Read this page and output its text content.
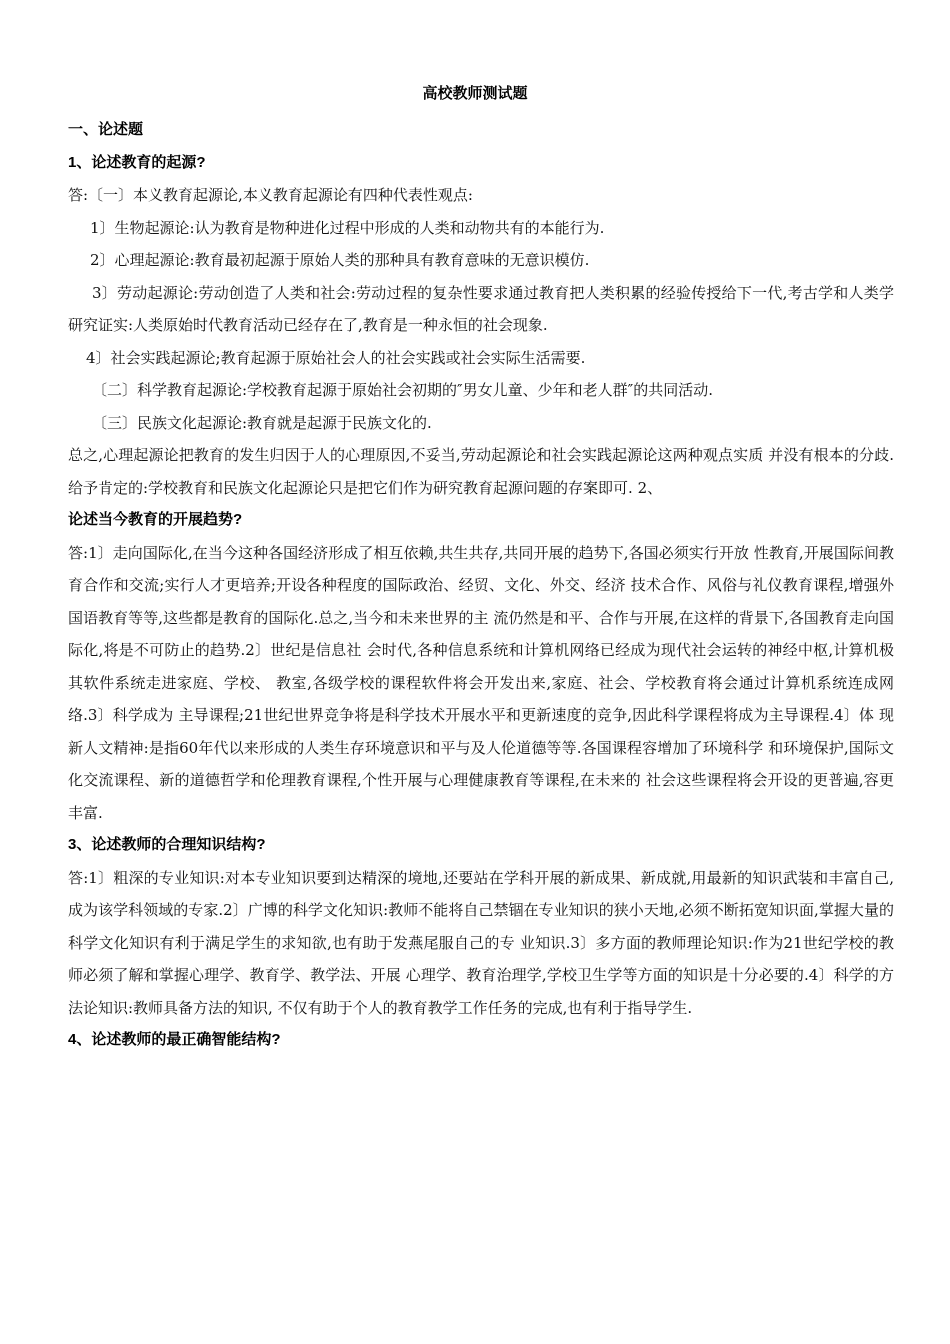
高校教师测试题

一、论述题

1、论述教育的起源?

答:〔一〕本义教育起源论,本义教育起源论有四种代表性观点:

1〕生物起源论:认为教育是物种进化过程中形成的人类和动物共有的本能行为.

2〕心理起源论:教育最初起源于原始人类的那种具有教育意味的无意识模仿.

3〕劳动起源论:劳动创造了人类和社会:劳动过程的复杂性要求通过教育把人类积累的经验传授给下一代,考古学和人类学研究证实:人类原始时代教育活动已经存在了,教育是一种永恒的社会现象.

4〕社会实践起源论;教育起源于原始社会人的社会实践或社会实际生活需要.

〔二〕科学教育起源论:学校教育起源于原始社会初期的″男女儿童、少年和老人群″的共同活动.

〔三〕民族文化起源论:教育就是起源于民族文化的.

总之,心理起源论把教育的发生归因于人的心理原因,不妥当,劳动起源论和社会实践起源论这两种观点实质 并没有根本的分歧.给予肯定的:学校教育和民族文化起源论只是把它们作为研究教育起源问题的存案即可. 2、

论述当今教育的开展趋势?

答:1〕走向国际化,在当今这种各国经济形成了相互依赖,共生共存,共同开展的趋势下,各国必须实行开放 性教育,开展国际间教育合作和交流;实行人才更培养;开设各种程度的国际政治、经贸、文化、外交、经济 技术合作、风俗与礼仪教育课程,增强外国语教育等等,这些都是教育的国际化.总之,当今和未来世界的主 流仍然是和平、合作与开展,在这样的背景下,各国教育走向国际化,将是不可防止的趋势.2〕世纪是信息社 会时代,各种信息系统和计算机网络已经成为现代社会运转的神经中枢,计算机极其软件系统走进家庭、学校、 教室,各级学校的课程软件将会开发出来,家庭、社会、学校教育将会通过计算机系统连成网络.3〕科学成为 主导课程;21世纪世界竞争将是科学技术开展水平和更新速度的竞争,因此科学课程将成为主导课程.4〕体 现新人文精神:是指60年代以来形成的人类生存环境意识和平与及人伦道德等等.各国课程容增加了环境科学 和环境保护,国际文化交流课程、新的道德哲学和伦理教育课程,个性开展与心理健康教育等课程,在未来的 社会这些课程将会开设的更普遍,容更丰富.

3、论述教师的合理知识结构?

答:1〕粗深的专业知识:对本专业知识要到达精深的境地,还要站在学科开展的新成果、新成就,用最新的知识武装和丰富自己,成为该学科领域的专家.2〕广博的科学文化知识:教师不能将自己禁锢在专业知识的狭小天地,必须不断拓宽知识面,掌握大量的科学文化知识有利于满足学生的求知欲,也有助于发燕尾服自己的专 业知识.3〕多方面的教师理论知识:作为21世纪学校的教师必须了解和掌握心理学、教育学、教学法、开展 心理学、教育治理学,学校卫生学等方面的知识是十分必要的.4〕科学的方法论知识:教师具备方法的知识, 不仅有助于个人的教育教学工作任务的完成,也有利于指导学生.

4、论述教师的最正确智能结构?
